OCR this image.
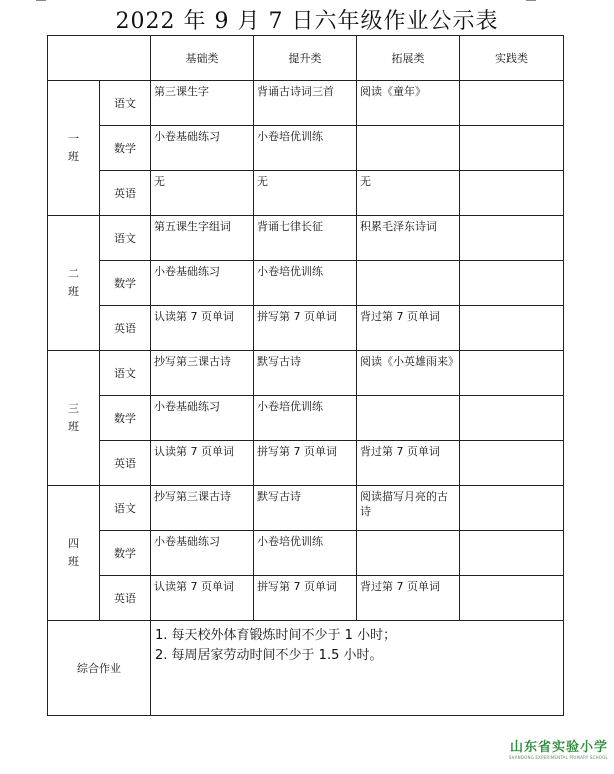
2022 年 9 月 7 日六年级作业公示表
		基础类	提升类	拓展类	实践类
一
班	语文	第三课生字	背诵古诗词三首	阅读《童年》	
	数学	小卷基础练习	小卷培优训练		
	英语	无	无	无	
二
班	语文	第五课生字组词	背诵七律长征	积累毛泽东诗词	
	数学	小卷基础练习	小卷培优训练		
	英语	认读第 7 页单词	拼写第 7 页单词	背过第 7 页单词	
三
班	语文	抄写第三课古诗	默写古诗	阅读《小英雄雨来》	
	数学	小卷基础练习	小卷培优训练		
	英语	认读第 7 页单词	拼写第 7 页单词	背过第 7 页单词	
四
班	语文	抄写第三课古诗	默写古诗	阅读描写月亮的古诗	
	数学	小卷基础练习	小卷培优训练		
	英语	认读第 7 页单词	拼写第 7 页单词	背过第 7 页单词	
综合作业		1. 每天校外体育锻炼时间不少于 1 小时；
2. 每周居家劳动时间不少于 1.5 小时。			
山东省实验小学
SHANDONG EXPERIMENTAL PRIMARY SCHOOL
